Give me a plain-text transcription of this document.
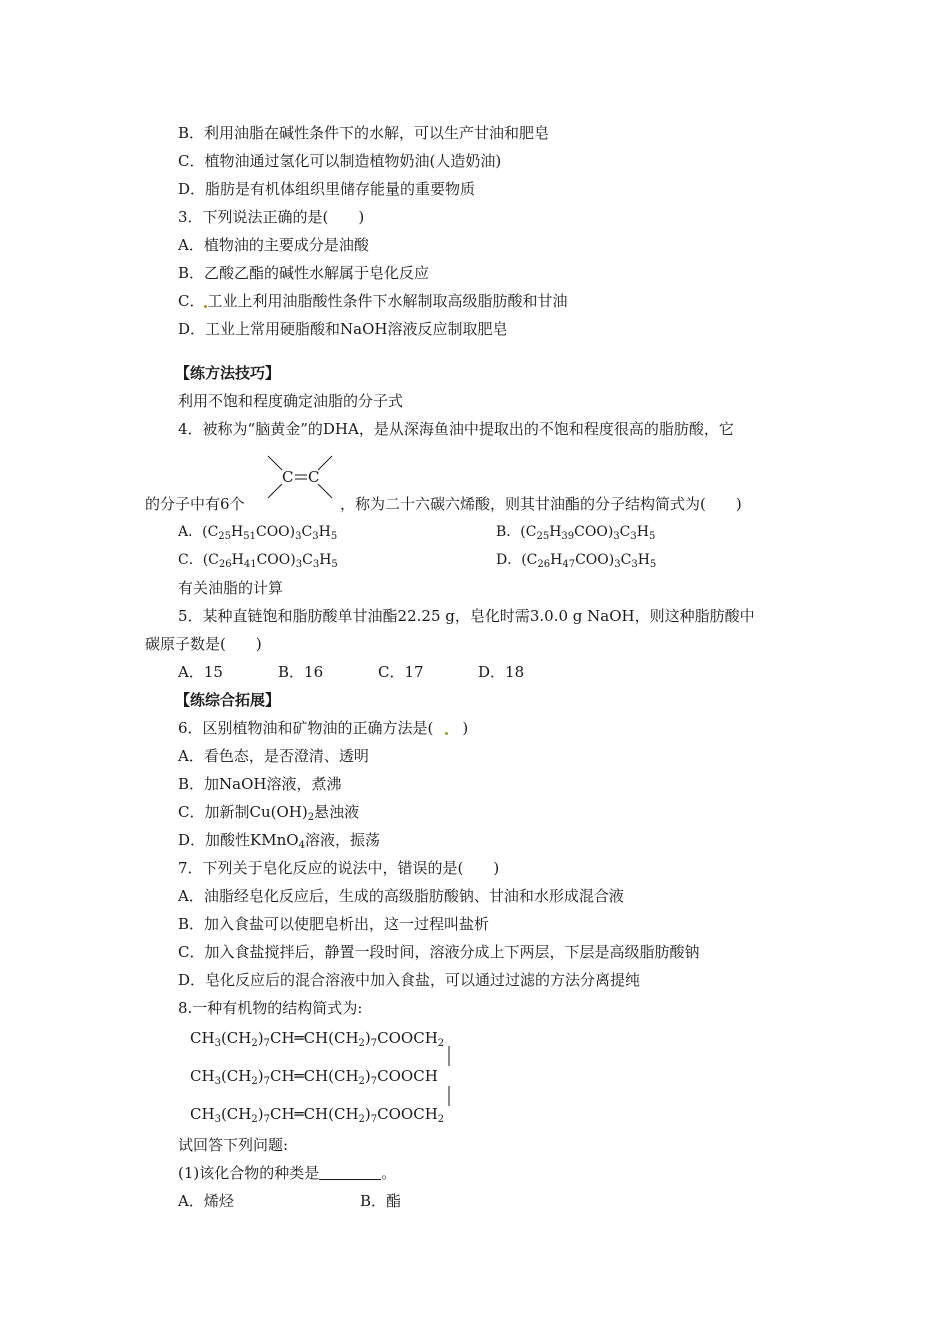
B．利用油脂在碱性条件下的水解，可以生产甘油和肥皂
C．植物油通过氢化可以制造植物奶油(人造奶油)
D．脂肪是有机体组织里储存能量的重要物质
3．下列说法正确的是(　　)
A．植物油的主要成分是油酸
B．乙酸乙酯的碱性水解属于皂化反应
C． 工业上利用油脂酸性条件下水解制取高级脂肪酸和甘油
D．工业上常用硬脂酸和NaOH溶液反应制取肥皂
【练方法技巧】
利用不饱和程度确定油脂的分子式
4．被称为“脑黄金”的DHA，是从深海鱼油中提取出的不饱和程度很高的脂肪酸，它
C C
的分子中有6个	，称为二十六碳六烯酸，则其甘油酯的分子结构简式为(　　)
A．$(C_{25}H_{51}COO)_3C_3H_5$	B．$(C_{25}H_{39}COO)_3C_3H_5$
C．$(C_{26}H_{41}COO)_3C_3H_5$	D．$(C_{26}H_{47}COO)_3C_3H_5$
有关油脂的计算
5．某种直链饱和脂肪酸单甘油酯22.25 g，皂化时需3.0.0 g NaOH，则这种脂肪酸中
碳原子数是(　　)
A．15	B．16	C．17	D．18
【练综合拓展】
6．区别植物油和矿物油的正确方法是( )
A．看色态，是否澄清、透明
B．加NaOH溶液，煮沸
C．加新制$Cu(OH)_2$悬浊液
D．加酸性KMnO$_4$溶液，振荡
7．下列关于皂化反应的说法中，错误的是(　　)
A．油脂经皂化反应后，生成的高级脂肪酸钠、甘油和水形成混合液
B．加入食盐可以使肥皂析出，这一过程叫盐析
C．加入食盐搅拌后，静置一段时间，溶液分成上下两层，下层是高级脂肪酸钠
D．皂化反应后的混合溶液中加入食盐，可以通过过滤的方法分离提纯
8.一种有机物的结构简式为:
$CH_3(CH_2)_7CH═CH(CH_2)_7COOCH_2$
$CH_3(CH_2)_7CH═CH(CH_2)_7COOCH$
$CH_3(CH_2)_7CH═CH(CH_2)_7COOCH_2$
试回答下列问题:
(1)该化合物的种类是	。
A．烯烃	B．酯
